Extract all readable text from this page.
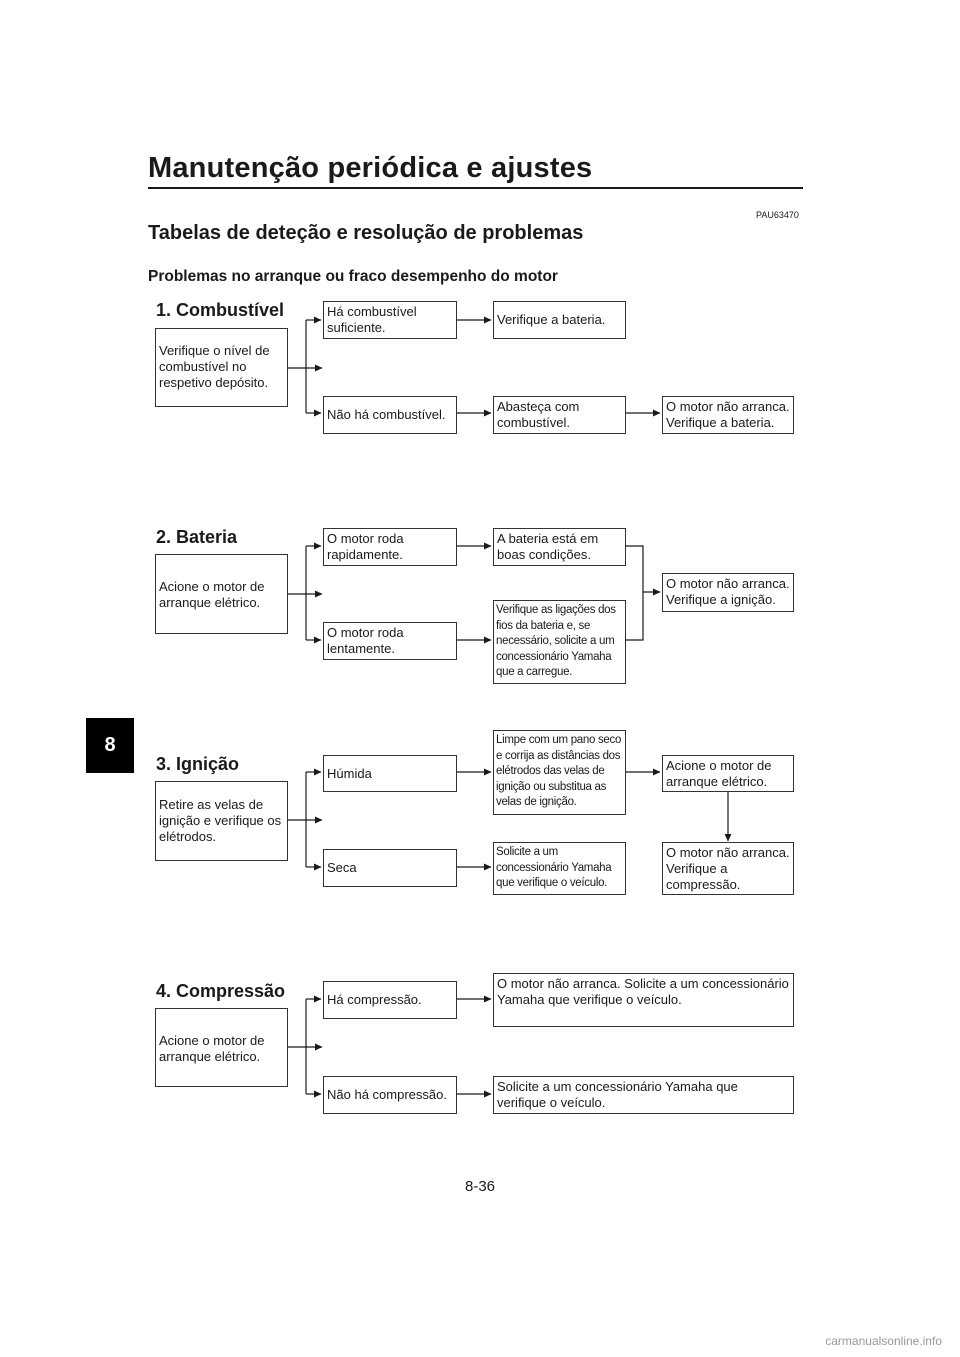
Manutenção periódica e ajustes
PAU63470
Tabelas de deteção e resolução de problemas
Problemas no arranque ou fraco desempenho do motor
8
1. Combustível
Verifique o nível de combustível no respetivo depósito.
Há combustível suficiente.
Não há combustível.
Verifique a bateria.
Abasteça com combustível.
O motor não arranca. Verifique a bateria.
2. Bateria
Acione o motor de arranque elétrico.
O motor roda rapidamente.
O motor roda lentamente.
A bateria está em boas condições.
Verifique as ligações dos fios da bateria e, se necessário, solicite a um concessionário Yamaha que a carregue.
O motor não arranca. Verifique a ignição.
3. Ignição
Retire as velas de ignição e verifique os elétrodos.
Húmida
Seca
Limpe com um pano seco e corrija as distâncias dos elétrodos das velas de ignição ou substitua as velas de ignição.
Solicite a um concessionário Yamaha que verifique o veículo.
Acione o motor de arranque elétrico.
O motor não arranca. Verifique a compressão.
4. Compressão
Acione o motor de arranque elétrico.
Há compressão.
Não há compressão.
O motor não arranca. Solicite a um concessionário Yamaha que verifique o veículo.
Solicite a um concessionário Yamaha que verifique o veículo.
8-36
carmanualsonline.info
